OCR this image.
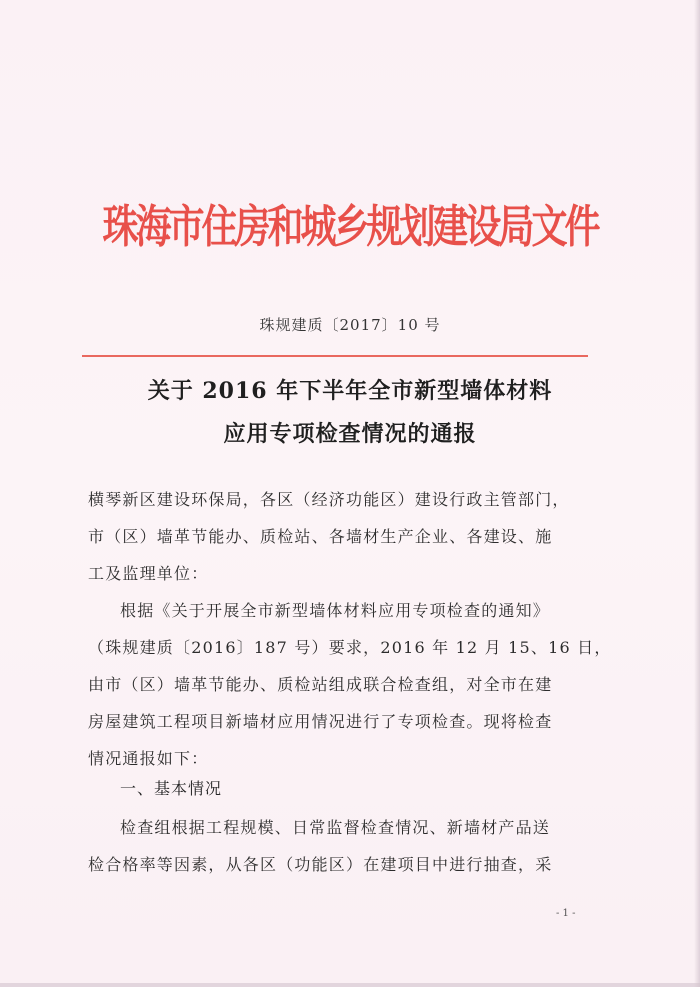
珠海市住房和城乡规划建设局文件
珠规建质〔2017〕10 号
关于 2016 年下半年全市新型墙体材料
应用专项检查情况的通报
横琴新区建设环保局，各区（经济功能区）建设行政主管部门，
市（区）墙革节能办、质检站、各墙材生产企业、各建设、施
工及监理单位：
根据《关于开展全市新型墙体材料应用专项检查的通知》
（珠规建质〔2016〕187 号）要求，2016 年 12 月 15、16 日，
由市（区）墙革节能办、质检站组成联合检查组，对全市在建
房屋建筑工程项目新墙材应用情况进行了专项检查。现将检查
情况通报如下：
一、基本情况
检查组根据工程规模、日常监督检查情况、新墙材产品送
检合格率等因素，从各区（功能区）在建项目中进行抽查，采
- 1 -
